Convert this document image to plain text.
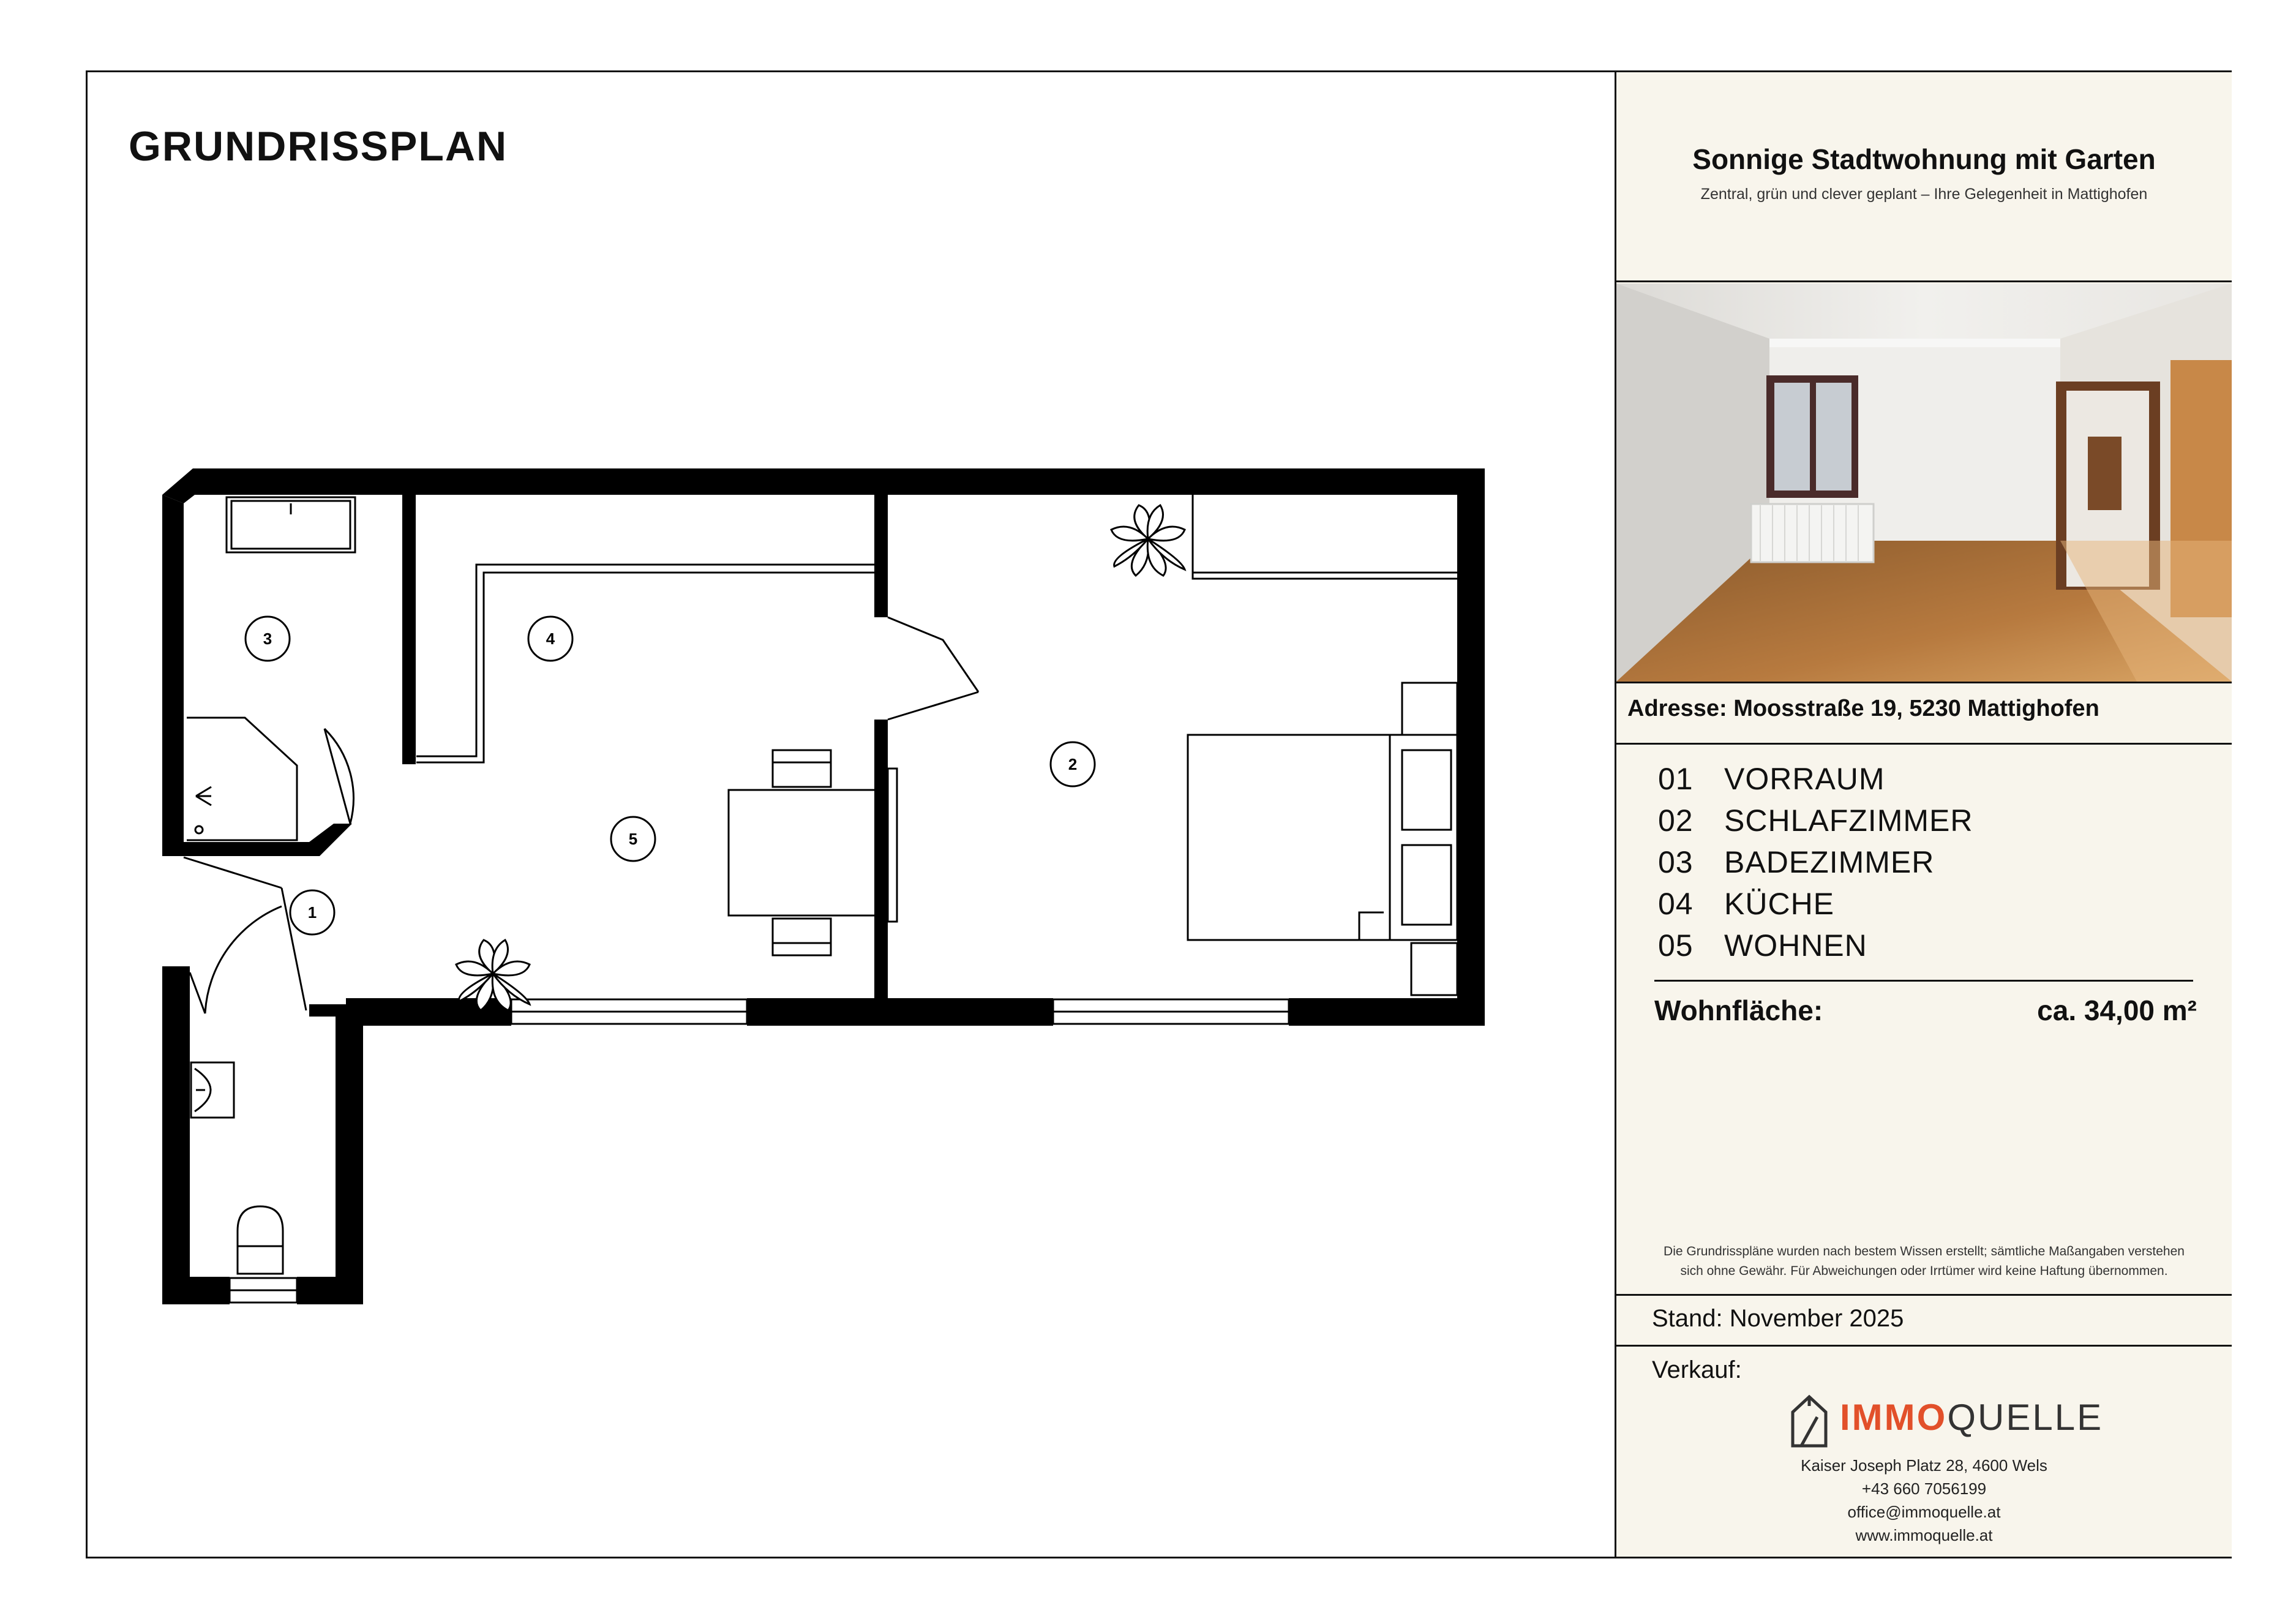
GRUNDRISSPLAN
1
2
3	4
5
Sonnige Stadtwohnung mit Garten
Zentral, grün und clever geplant – Ihre Gelegenheit in Mattighofen
Adresse: Moosstraße 19, 5230 Mattighofen
01 VORRAUM
02 SCHLAFZIMMER
03 BADEZIMMER
04 KÜCHE
05 WOHNEN
Wohnfläche:	ca. 34,00 m²
Die Grundrisspläne wurden nach bestem Wissen erstellt; sämtliche Maßangaben verstehen
sich ohne Gewähr. Für Abweichungen oder Irrtümer wird keine Haftung übernommen.
Stand: November 2025
Verkauf:
IMMOQUELLE
Kaiser Joseph Platz 28, 4600 Wels
+43 660 7056199
office@immoquelle.at
www.immoquelle.at
